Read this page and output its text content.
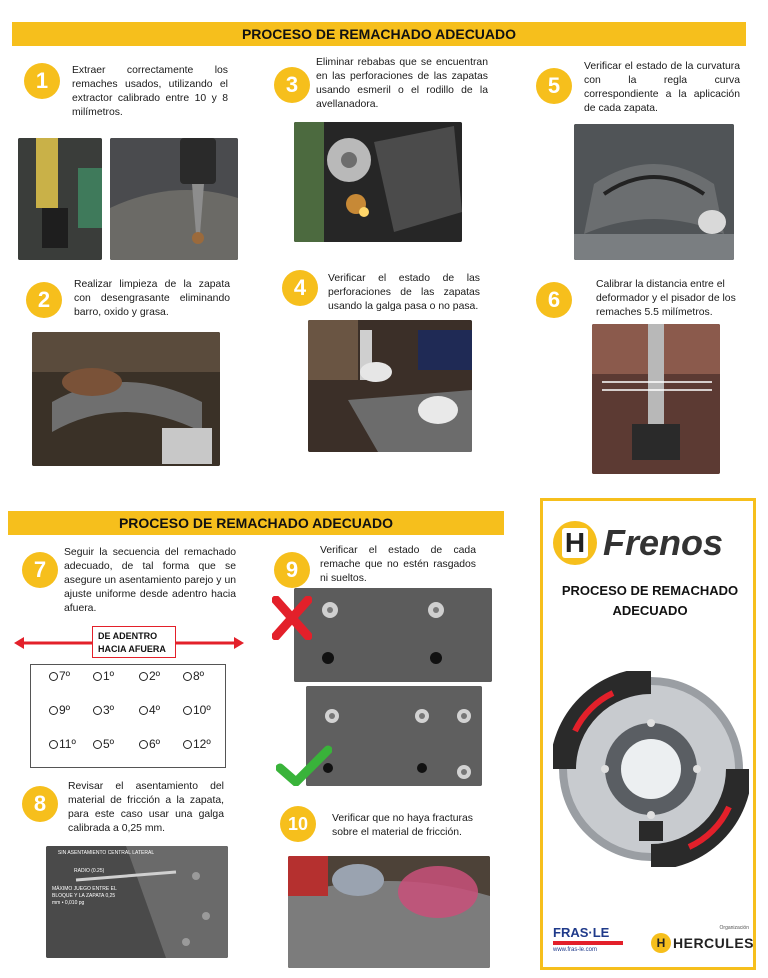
PROCESO DE REMACHADO ADECUADO
1	Extraer correctamente los remaches usados, utilizando el extractor calibrado entre 10 y 8 milímetros.
2
Realizar limpieza de la zapata con desengrasante eliminando barro, oxido y grasa.
3
Eliminar rebabas que se encuentran en las perforaciones de las zapatas usando esmeril o el rodillo de la avellanadora.
4	Verificar el estado de las perforaciones de las zapatas usando la galga pasa o no pasa.
5
Verificar el estado de la curvatura con la regla curva correspondiente a la aplicación de cada zapata.
6
Calibrar la distancia entre el deformador y el pisador de los remaches 5.5 milímetros.
PROCESO DE REMACHADO ADECUADO
7
Seguir la secuencia del remachado adecuado, de tal forma que se asegure un asentamiento parejo y un ajuste uniforme desde adentro hacia afuera.
DE ADENTRO
HACIA AFUERA
7º	1º	2º	8º
9º	3º	4º	10º
11º	5º	6º	12º
8
Revisar el asentamiento del material de fricción a la zapata, para este caso usar una galga calibrada a 0,25 mm.
SIN ASENTAMIENTO CENTRAL LATERAL
RADIO (0.25)
MÁXIMO JUEGO ENTRE EL BLOQUE Y LA ZAPATA 0,25 mm • 0,010 pg
9
Verificar el estado de cada remache que no estén rasgados ni sueltos.
10	Verificar que no haya fracturas sobre el material de fricción.
H Frenos
PROCESO DE REMACHADO ADECUADO
FRAS·LE
www.fras-le.com
Organización
H HERCULES
